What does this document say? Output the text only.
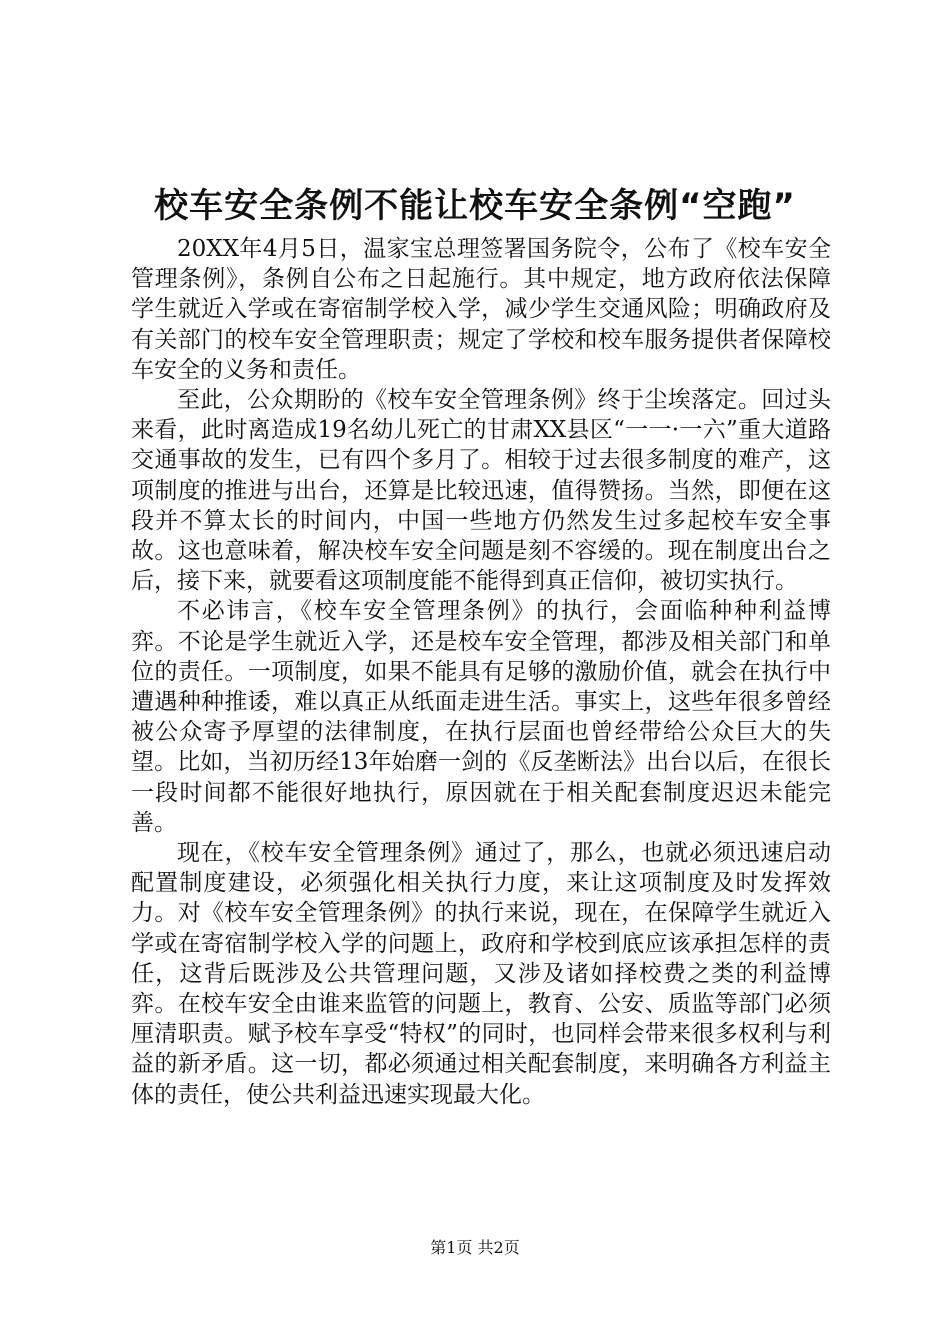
校车安全条例不能让校车安全条例“空跑”

20XX年4月5日，温家宝总理签署国务院令，公布了《校车安全管理条例》，条例自公布之日起施行。其中规定，地方政府依法保障学生就近入学或在寄宿制学校入学，减少学生交通风险；明确政府及有关部门的校车安全管理职责；规定了学校和校车服务提供者保障校车安全的义务和责任。

至此，公众期盼的《校车安全管理条例》终于尘埃落定。回过头来看，此时离造成19名幼儿死亡的甘肃XX县区“一一·一六”重大道路交通事故的发生，已有四个多月了。相较于过去很多制度的难产，这项制度的推进与出台，还算是比较迅速，值得赞扬。当然，即便在这段并不算太长的时间内，中国一些地方仍然发生过多起校车安全事故。这也意味着，解决校车安全问题是刻不容缓的。现在制度出台之后，接下来，就要看这项制度能不能得到真正信仰，被切实执行。

不必讳言，《校车安全管理条例》的执行，会面临种种利益博弈。不论是学生就近入学，还是校车安全管理，都涉及相关部门和单位的责任。一项制度，如果不能具有足够的激励价值，就会在执行中遭遇种种推诿，难以真正从纸面走进生活。事实上，这些年很多曾经被公众寄予厚望的法律制度，在执行层面也曾经带给公众巨大的失望。比如，当初历经13年始磨一剑的《反垄断法》出台以后，在很长一段时间都不能很好地执行，原因就在于相关配套制度迟迟未能完善。

现在，《校车安全管理条例》通过了，那么，也就必须迅速启动配置制度建设，必须强化相关执行力度，来让这项制度及时发挥效力。对《校车安全管理条例》的执行来说，现在，在保障学生就近入学或在寄宿制学校入学的问题上，政府和学校到底应该承担怎样的责任，这背后既涉及公共管理问题，又涉及诸如择校费之类的利益博弈。在校车安全由谁来监管的问题上，教育、公安、质监等部门必须厘清职责。赋予校车享受“特权”的同时，也同样会带来很多权利与利益的新矛盾。这一切，都必须通过相关配套制度，来明确各方利益主体的责任，使公共利益迅速实现最大化。

第1页 共2页
